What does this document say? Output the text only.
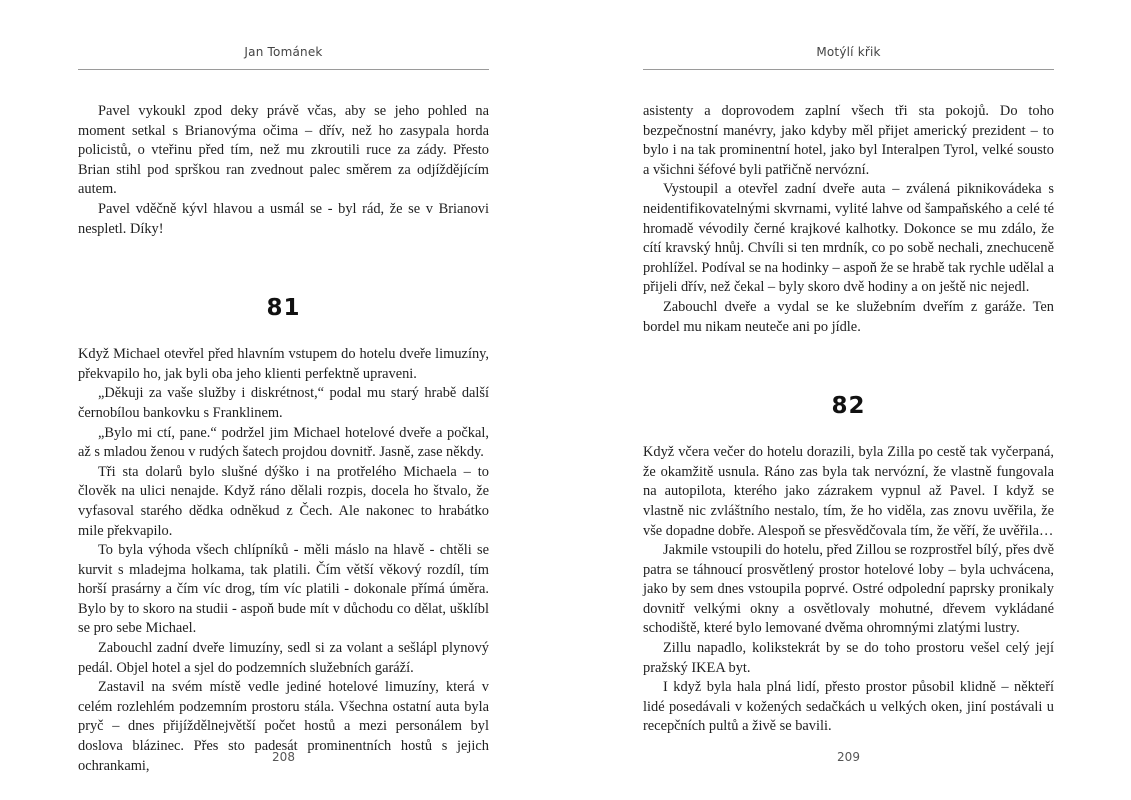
Jan Tománek

Pavel vykoukl zpod deky právě včas, aby se jeho pohled na moment setkal s Brianovýma očima – dřív, než ho zasypala horda policistů, o vteřinu před tím, než mu zkroutili ruce za zády. Přesto Brian stihl pod sprškou ran zvednout palec směrem za odjíždějícím autem.

Pavel vděčně kývl hlavou a usmál se - byl rád, že se v Brianovi nespletl. Díky!

81

Když Michael otevřel před hlavním vstupem do hotelu dveře limuzíny, překvapilo ho, jak byli oba jeho klienti perfektně upraveni.

„Děkuji za vaše služby i diskrétnost,“ podal mu starý hrabě další černobílou bankovku s Franklinem.

„Bylo mi ctí, pane.“ podržel jim Michael hotelové dveře a počkal, až s mladou ženou v rudých šatech projdou dovnitř. Jasně, zase někdy.

Tři sta dolarů bylo slušné dýško i na protřelého Michaela – to člověk na ulici nenajde. Když ráno dělali rozpis, docela ho štvalo, že vyfasoval starého dědka odněkud z Čech. Ale nakonec to hrabátko mile překvapilo.

To byla výhoda všech chlípníků - měli máslo na hlavě - chtěli se kurvit s mladejma holkama, tak platili. Čím větší věkový rozdíl, tím horší prasárny a čím víc drog, tím víc platili - dokonale přímá úměra. Bylo by to skoro na studii - aspoň bude mít v důchodu co dělat, ušklíbl se pro sebe Michael.

Zabouchl zadní dveře limuzíny, sedl si za volant a sešlápl plynový pedál. Objel hotel a sjel do podzemních služebních garáží.

Zastavil na svém místě vedle jediné hotelové limuzíny, která v celém rozlehlém podzemním prostoru stála. Všechna ostatní auta byla pryč – dnes přijíždělnejvětší počet hostů a mezi personálem byl doslova blázinec. Přes sto padesát prominentních hostů s jejich ochrankami,

208
Motýlí křik

asistenty a doprovodem zaplní všech tři sta pokojů. Do toho bezpečnostní manévry, jako kdyby měl přijet americký prezident – to bylo i na tak prominentní hotel, jako byl Interalpen Tyrol, velké sousto a všichni šéfové byli patřičně nervózní.

Vystoupil a otevřel zadní dveře auta – zválená piknikovádeka s neidentifikovatelnými skvrnami, vylité lahve od šampaňského a celé té hromadě vévodily černé krajkové kalhotky. Dokonce se mu zdálo, že cítí kravský hnůj. Chvíli si ten mrdník, co po sobě nechali, znechuceně prohlížel. Podíval se na hodinky – aspoň že se hrabě tak rychle udělal a přijeli dřív, než čekal – byly skoro dvě hodiny a on ještě nic nejedl.

Zabouchl dveře a vydal se ke služebním dveřím z garáže. Ten bordel mu nikam neuteče ani po jídle.

82

Když včera večer do hotelu dorazili, byla Zilla po cestě tak vyčerpaná, že okamžitě usnula. Ráno zas byla tak nervózní, že vlastně fungovala na autopilota, kterého jako zázrakem vypnul až Pavel. I když se vlastně nic zvláštního nestalo, tím, že ho viděla, zas znovu uvěřila, že vše dopadne dobře. Alespoň se přesvědčovala tím, že věří, že uvěřila…

Jakmile vstoupili do hotelu, před Zillou se rozprostřel bílý, přes dvě patra se táhnoucí prosvětlený prostor hotelové loby – byla uchvácena, jako by sem dnes vstoupila poprvé. Ostré odpolední paprsky pronikaly dovnitř velkými okny a osvětlovaly mohutné, dřevem vykládané schodiště, které bylo lemované dvěma ohromnými zlatými lustry.

Zillu napadlo, kolikstekrát by se do toho prostoru vešel celý její pražský IKEA byt.

I když byla hala plná lidí, přesto prostor působil klidně – někteří lidé posedávali v kožených sedačkách u velkých oken, jiní postávali u recepčních pultů a živě se bavili.

209
